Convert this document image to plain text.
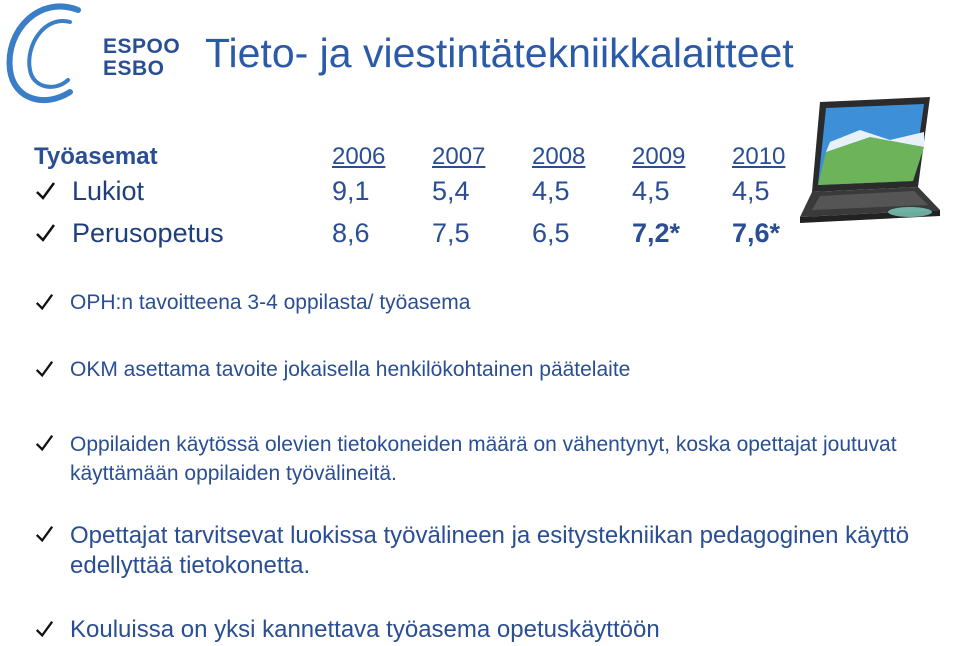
ESPOO
ESBO Tieto- ja viestintätekniikkalaitteet
Työasemat	2006 2007 2008 2009 2010
Lukiot	9,1 5,4 4,5 4,5 4,5
Perusopetus	8,6 7,5 6,5 7,2* 7,6*
OPH:n tavoitteena 3-4 oppilasta/ työasema
OKM asettama tavoite jokaisella henkilökohtainen päätelaite
Oppilaiden käytössä olevien tietokoneiden määrä on vähentynyt, koska opettajat joutuvat käyttämään oppilaiden työvälineitä.
Opettajat tarvitsevat luokissa työvälineen ja esitystekniikan pedagoginen käyttö edellyttää tietokonetta.
Kouluissa on yksi kannettava työasema opetuskäyttöön
